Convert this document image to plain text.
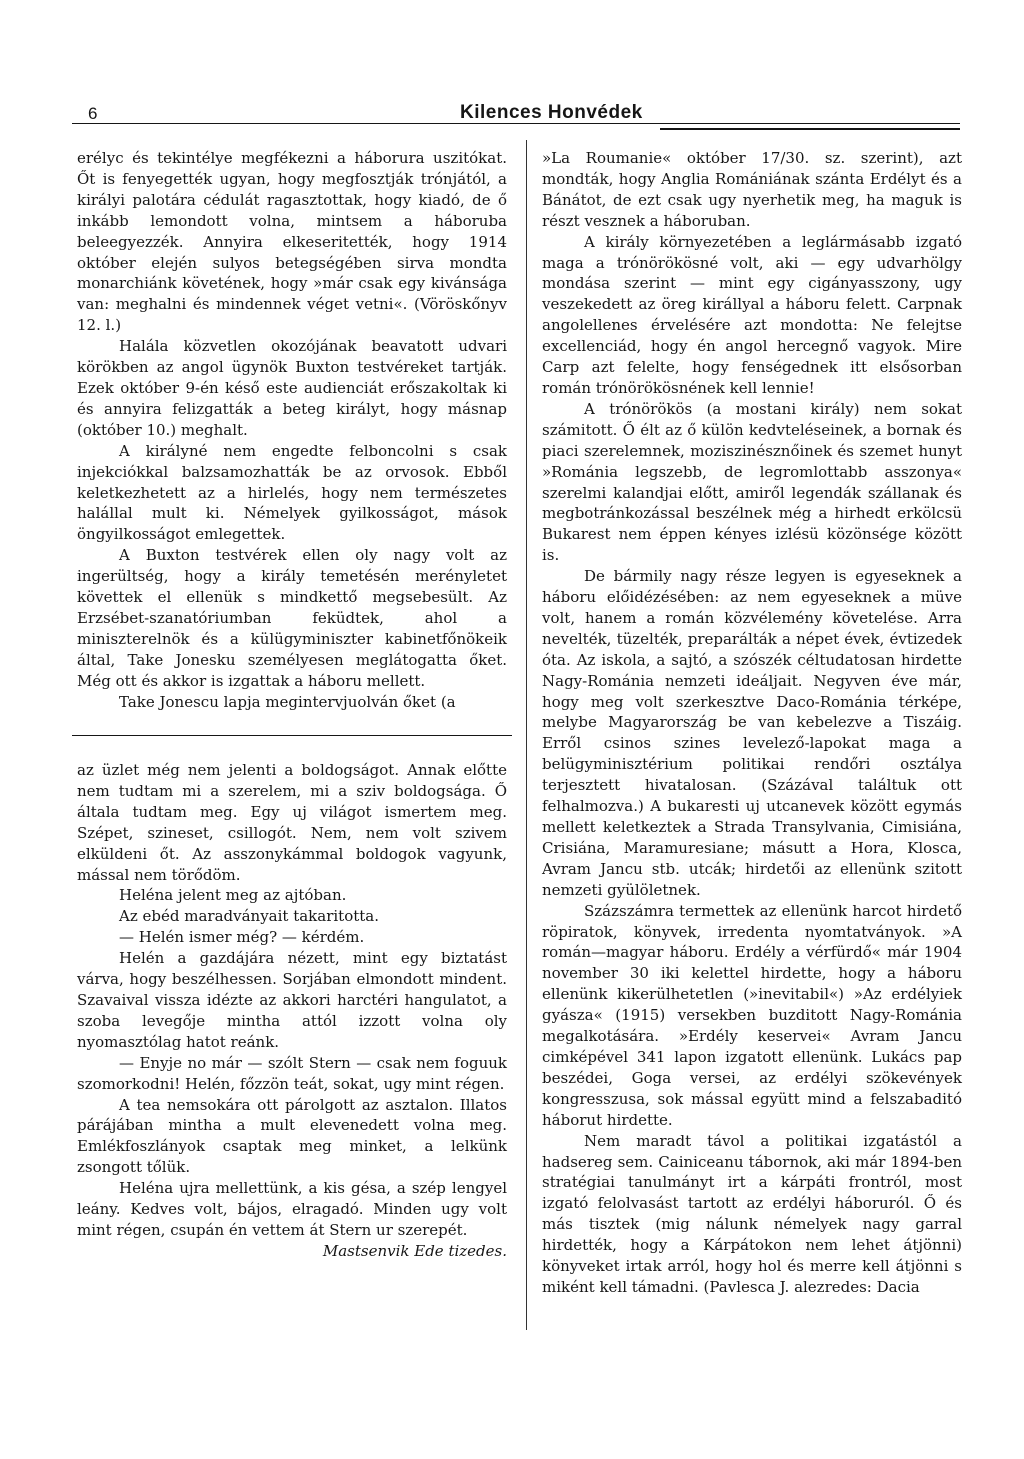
6	Kilences Honvédek

erélyc és tekintélye megfékezni a háborura uszitókat. Őt is fenyegették ugyan, hogy megfosztják trónjától, a királyi palotára cédulát ragasztottak, hogy kiadó, de ő inkább lemondott volna, mintsem a háboruba beleegyezzék. Annyira elkeseritették, hogy 1914 október elején sulyos betegségében sirva mondta monarchiánk követének, hogy »már csak egy kivánsága van: meghalni és mindennek véget vetni«. (Vöröskőnyv 12. l.)

Halála közvetlen okozójának beavatott udvari körökben az angol ügynök Buxton testvéreket tartják. Ezek október 9-én késő este audienciát erőszakoltak ki és annyira felizgatták a beteg királyt, hogy másnap (október 10.) meghalt.

A királyné nem engedte felboncolni s csak injekciókkal balzsamozhatták be az orvosok. Ebből keletkezhetett az a hirlelés, hogy nem természetes halállal mult ki. Némelyek gyilkosságot, mások öngyilkosságot emlegettek.

A Buxton testvérek ellen oly nagy volt az ingerültség, hogy a király temetésén merényletet követtek el ellenük s mindkettő megsebesült. Az Erzsébet-szanatóriumban feküdtek, ahol a miniszterelnök és a külügyminiszter kabinetfőnökeik által, Take Jonesku személyesen meglátogatta őket. Még ott és akkor is izgattak a háboru mellett.

Take Jonescu lapja megintervjuolván őket (a

az üzlet még nem jelenti a boldogságot. Annak előtte nem tudtam mi a szerelem, mi a sziv boldogsága. Ő általa tudtam meg. Egy uj világot ismertem meg. Szépet, szineset, csillogót. Nem, nem volt szivem elküldeni őt. Az asszonykámmal boldogok vagyunk, mással nem törődöm.

Heléna jelent meg az ajtóban.

Az ebéd maradványait takaritotta.

— Helén ismer még? — kérdém.

Helén a gazdájára nézett, mint egy biztatást várva, hogy beszélhessen. Sorjában elmondott mindent. Szavaival vissza idézte az akkori harctéri hangulatot, a szoba levegője mintha attól izzott volna oly nyomasztólag hatot reánk.

— Enyje no már — szólt Stern — csak nem foguuk szomorkodni! Helén, főzzön teát, sokat, ugy mint régen.

A tea nemsokára ott párolgott az asztalon. Illatos párájában mintha a mult elevenedett volna meg. Emlékfoszlányok csaptak meg minket, a lelkünk zsongott tőlük.

Heléna ujra mellettünk, a kis gésa, a szép lengyel leány. Kedves volt, bájos, elragadó. Minden ugy volt mint régen, csupán én vettem át Stern ur szerepét.

Mastsenvik Ede tizedes.

»La Roumanie« október 17/30. sz. szerint), azt mondták, hogy Anglia Romániának szánta Erdélyt és a Bánátot, de ezt csak ugy nyerhetik meg, ha maguk is részt vesznek a háboruban.

A király környezetében a leglármásabb izgató maga a trónörökösné volt, aki — egy udvarhölgy mondása szerint — mint egy cigányasszony, ugy veszekedett az öreg királlyal a háboru felett. Carpnak angolellenes érvelésére azt mondotta: Ne felejtse excellenciád, hogy én angol hercegnő vagyok. Mire Carp azt felelte, hogy fenségednek itt elsősorban román trónörökösnének kell lennie!

A trónörökös (a mostani király) nem sokat számitott. Ő élt az ő külön kedvteléseinek, a bornak és piaci szerelemnek, moziszinésznőinek és szemet hunyt »Románia legszebb, de legromlottabb asszonya« szerelmi kalandjai előtt, amiről legendák szállanak és megbotránkozással beszélnek még a hirhedt erkölcsü Bukarest nem éppen kényes izlésü közönsége között is.

De bármily nagy része legyen is egyeseknek a háboru előidézésében: az nem egyeseknek a müve volt, hanem a román közvélemény követelése. Arra nevelték, tüzelték, preparálták a népet évek, évtizedek óta. Az iskola, a sajtó, a szószék céltudatosan hirdette Nagy-Románia nemzeti ideáljait. Negyven éve már, hogy meg volt szerkesztve Daco-Románia térképe, melybe Magyarország be van kebelezve a Tiszáig. Erről csinos szines levelező-lapokat maga a belügyminisztérium politikai rendőri osztálya terjesztett hivatalosan. (Százával találtuk ott felhalmozva.) A bukaresti uj utcanevek között egymás mellett keletkeztek a Strada Transylvania, Cimisiána, Crisiána, Maramuresiane; másutt a Hora, Klosca, Avram Jancu stb. utcák; hirdetői az ellenünk szitott nemzeti gyülöletnek.

Százszámra termettek az ellenünk harcot hirdető röpiratok, könyvek, irredenta nyomtatványok. »A román—magyar háboru. Erdély a vérfürdő« már 1904 november 30 iki kelettel hirdette, hogy a háboru ellenünk kikerülhetetlen (»inevitabil«) »Az erdélyiek gyásza« (1915) versekben buzditott Nagy-Románia megalkotására. »Erdély keservei« Avram Jancu cimképével 341 lapon izgatott ellenünk. Lukács pap beszédei, Goga versei, az erdélyi szökevények kongresszusa, sok mással együtt mind a felszabaditó háborut hirdette.

Nem maradt távol a politikai izgatástól a hadsereg sem. Cainiceanu tábornok, aki már 1894-ben stratégiai tanulmányt irt a kárpáti frontról, most izgató felolvasást tartott az erdélyi háboruról. Ő és más tisztek (mig nálunk némelyek nagy garral hirdették, hogy a Kárpátokon nem lehet átjönni) könyveket irtak arról, hogy hol és merre kell átjönni s miként kell támadni. (Pavlesca J. alezredes: Dacia
